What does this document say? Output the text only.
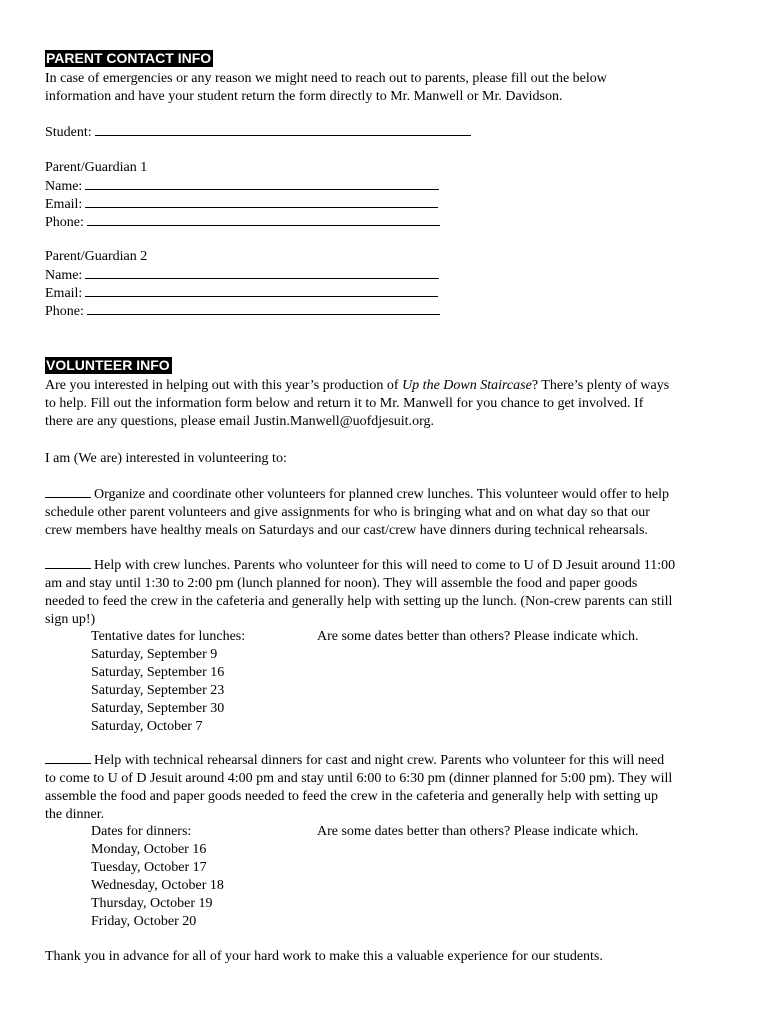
PARENT CONTACT INFO
In case of emergencies or any reason we might need to reach out to parents, please fill out the below
information and have your student return the form directly to Mr. Manwell or Mr. Davidson.
Student:
Parent/Guardian 1
Name:
Email:
Phone:
Parent/Guardian 2
Name:
Email:
Phone:
VOLUNTEER INFO
Are you interested in helping out with this year’s production of Up the Down Staircase? There’s plenty of ways
to help. Fill out the information form below and return it to Mr. Manwell for you chance to get involved. If
there are any questions, please email Justin.Manwell@uofdjesuit.org.
I am (We are) interested in volunteering to:
Organize and coordinate other volunteers for planned crew lunches. This volunteer would offer to help
schedule other parent volunteers and give assignments for who is bringing what and on what day so that our
crew members have healthy meals on Saturdays and our cast/crew have dinners during technical rehearsals.
Help with crew lunches. Parents who volunteer for this will need to come to U of D Jesuit around 11:00
am and stay until 1:30 to 2:00 pm (lunch planned for noon). They will assemble the food and paper goods
needed to feed the crew in the cafeteria and generally help with setting up the lunch. (Non-crew parents can still
sign up!)
Tentative dates for lunches:
Saturday, September 9
Saturday, September 16
Saturday, September 23
Saturday, September 30
Saturday, October 7
Are some dates better than others? Please indicate which.
Help with technical rehearsal dinners for cast and night crew. Parents who volunteer for this will need
to come to U of D Jesuit around 4:00 pm and stay until 6:00 to 6:30 pm (dinner planned for 5:00 pm). They will
assemble the food and paper goods needed to feed the crew in the cafeteria and generally help with setting up
the dinner.
Dates for dinners:
Monday, October 16
Tuesday, October 17
Wednesday, October 18
Thursday, October 19
Friday, October 20
Are some dates better than others? Please indicate which.
Thank you in advance for all of your hard work to make this a valuable experience for our students.
